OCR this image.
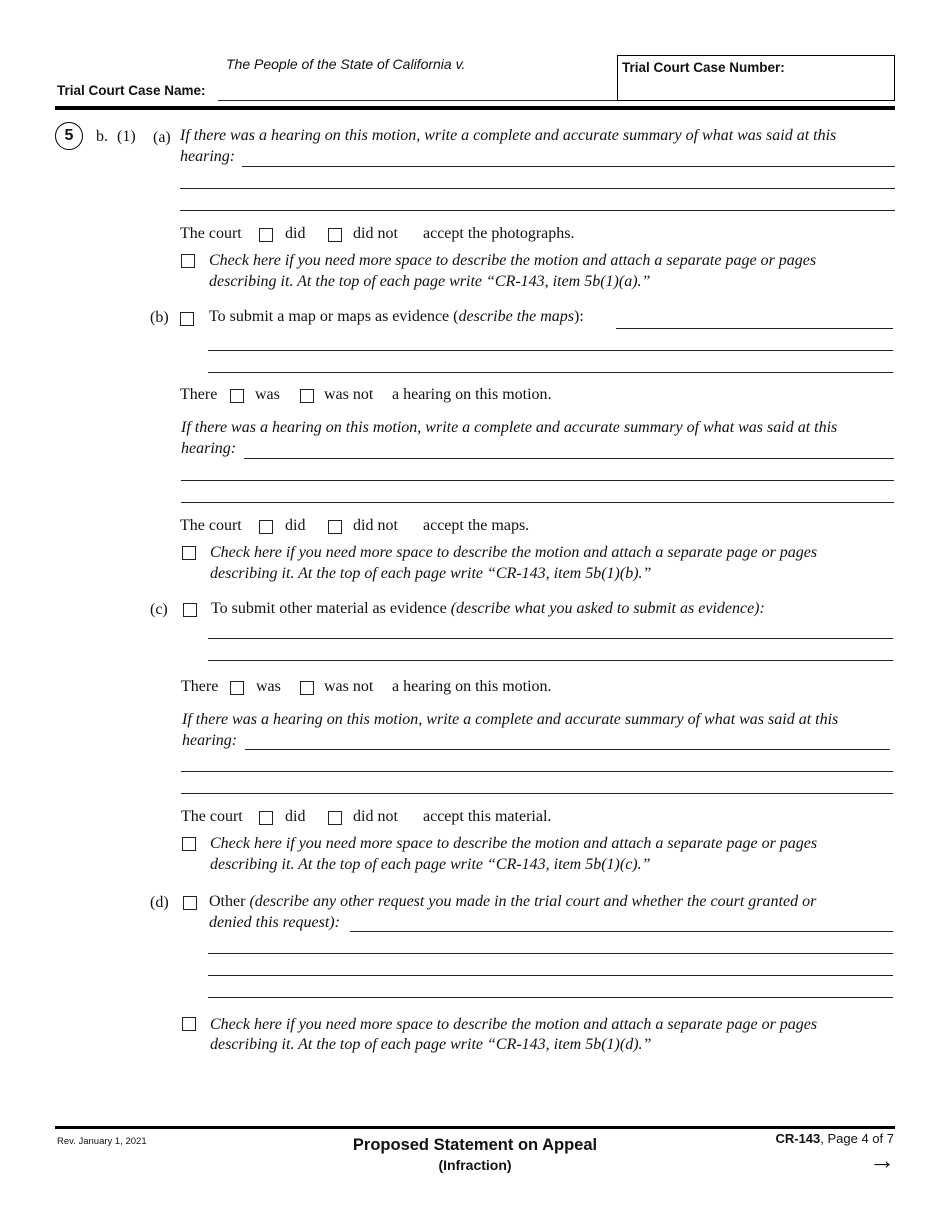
The People of the State of California v.
Trial Court Case Name:
Trial Court Case Number:
5	b. (1) (a) If there was a hearing on this motion, write a complete and accurate summary of what was said at this
hearing:
The court	did	did not accept the photographs.
Check here if you need more space to describe the motion and attach a separate page or pages
describing it. At the top of each page write “CR-143, item 5b(1)(a).”
(b)	To submit a map or maps as evidence (describe the maps):
There was	was not a hearing on this motion.
If there was a hearing on this motion, write a complete and accurate summary of what was said at this
hearing:
The court	did	did not accept the maps.
Check here if you need more space to describe the motion and attach a separate page or pages
describing it. At the top of each page write “CR-143, item 5b(1)(b).”
(c)	To submit other material as evidence (describe what you asked to submit as evidence):
There was	was not a hearing on this motion.
If there was a hearing on this motion, write a complete and accurate summary of what was said at this
hearing:
The court	did	did not accept this material.
Check here if you need more space to describe the motion and attach a separate page or pages
describing it. At the top of each page write “CR-143, item 5b(1)(c).”
(d)	Other (describe any other request you made in the trial court and whether the court granted or
denied this request):
Check here if you need more space to describe the motion and attach a separate page or pages
describing it. At the top of each page write “CR-143, item 5b(1)(d).”
Rev. January 1, 2021	Proposed Statement on Appeal
(Infraction)
CR-143, Page 4 of 7
→
